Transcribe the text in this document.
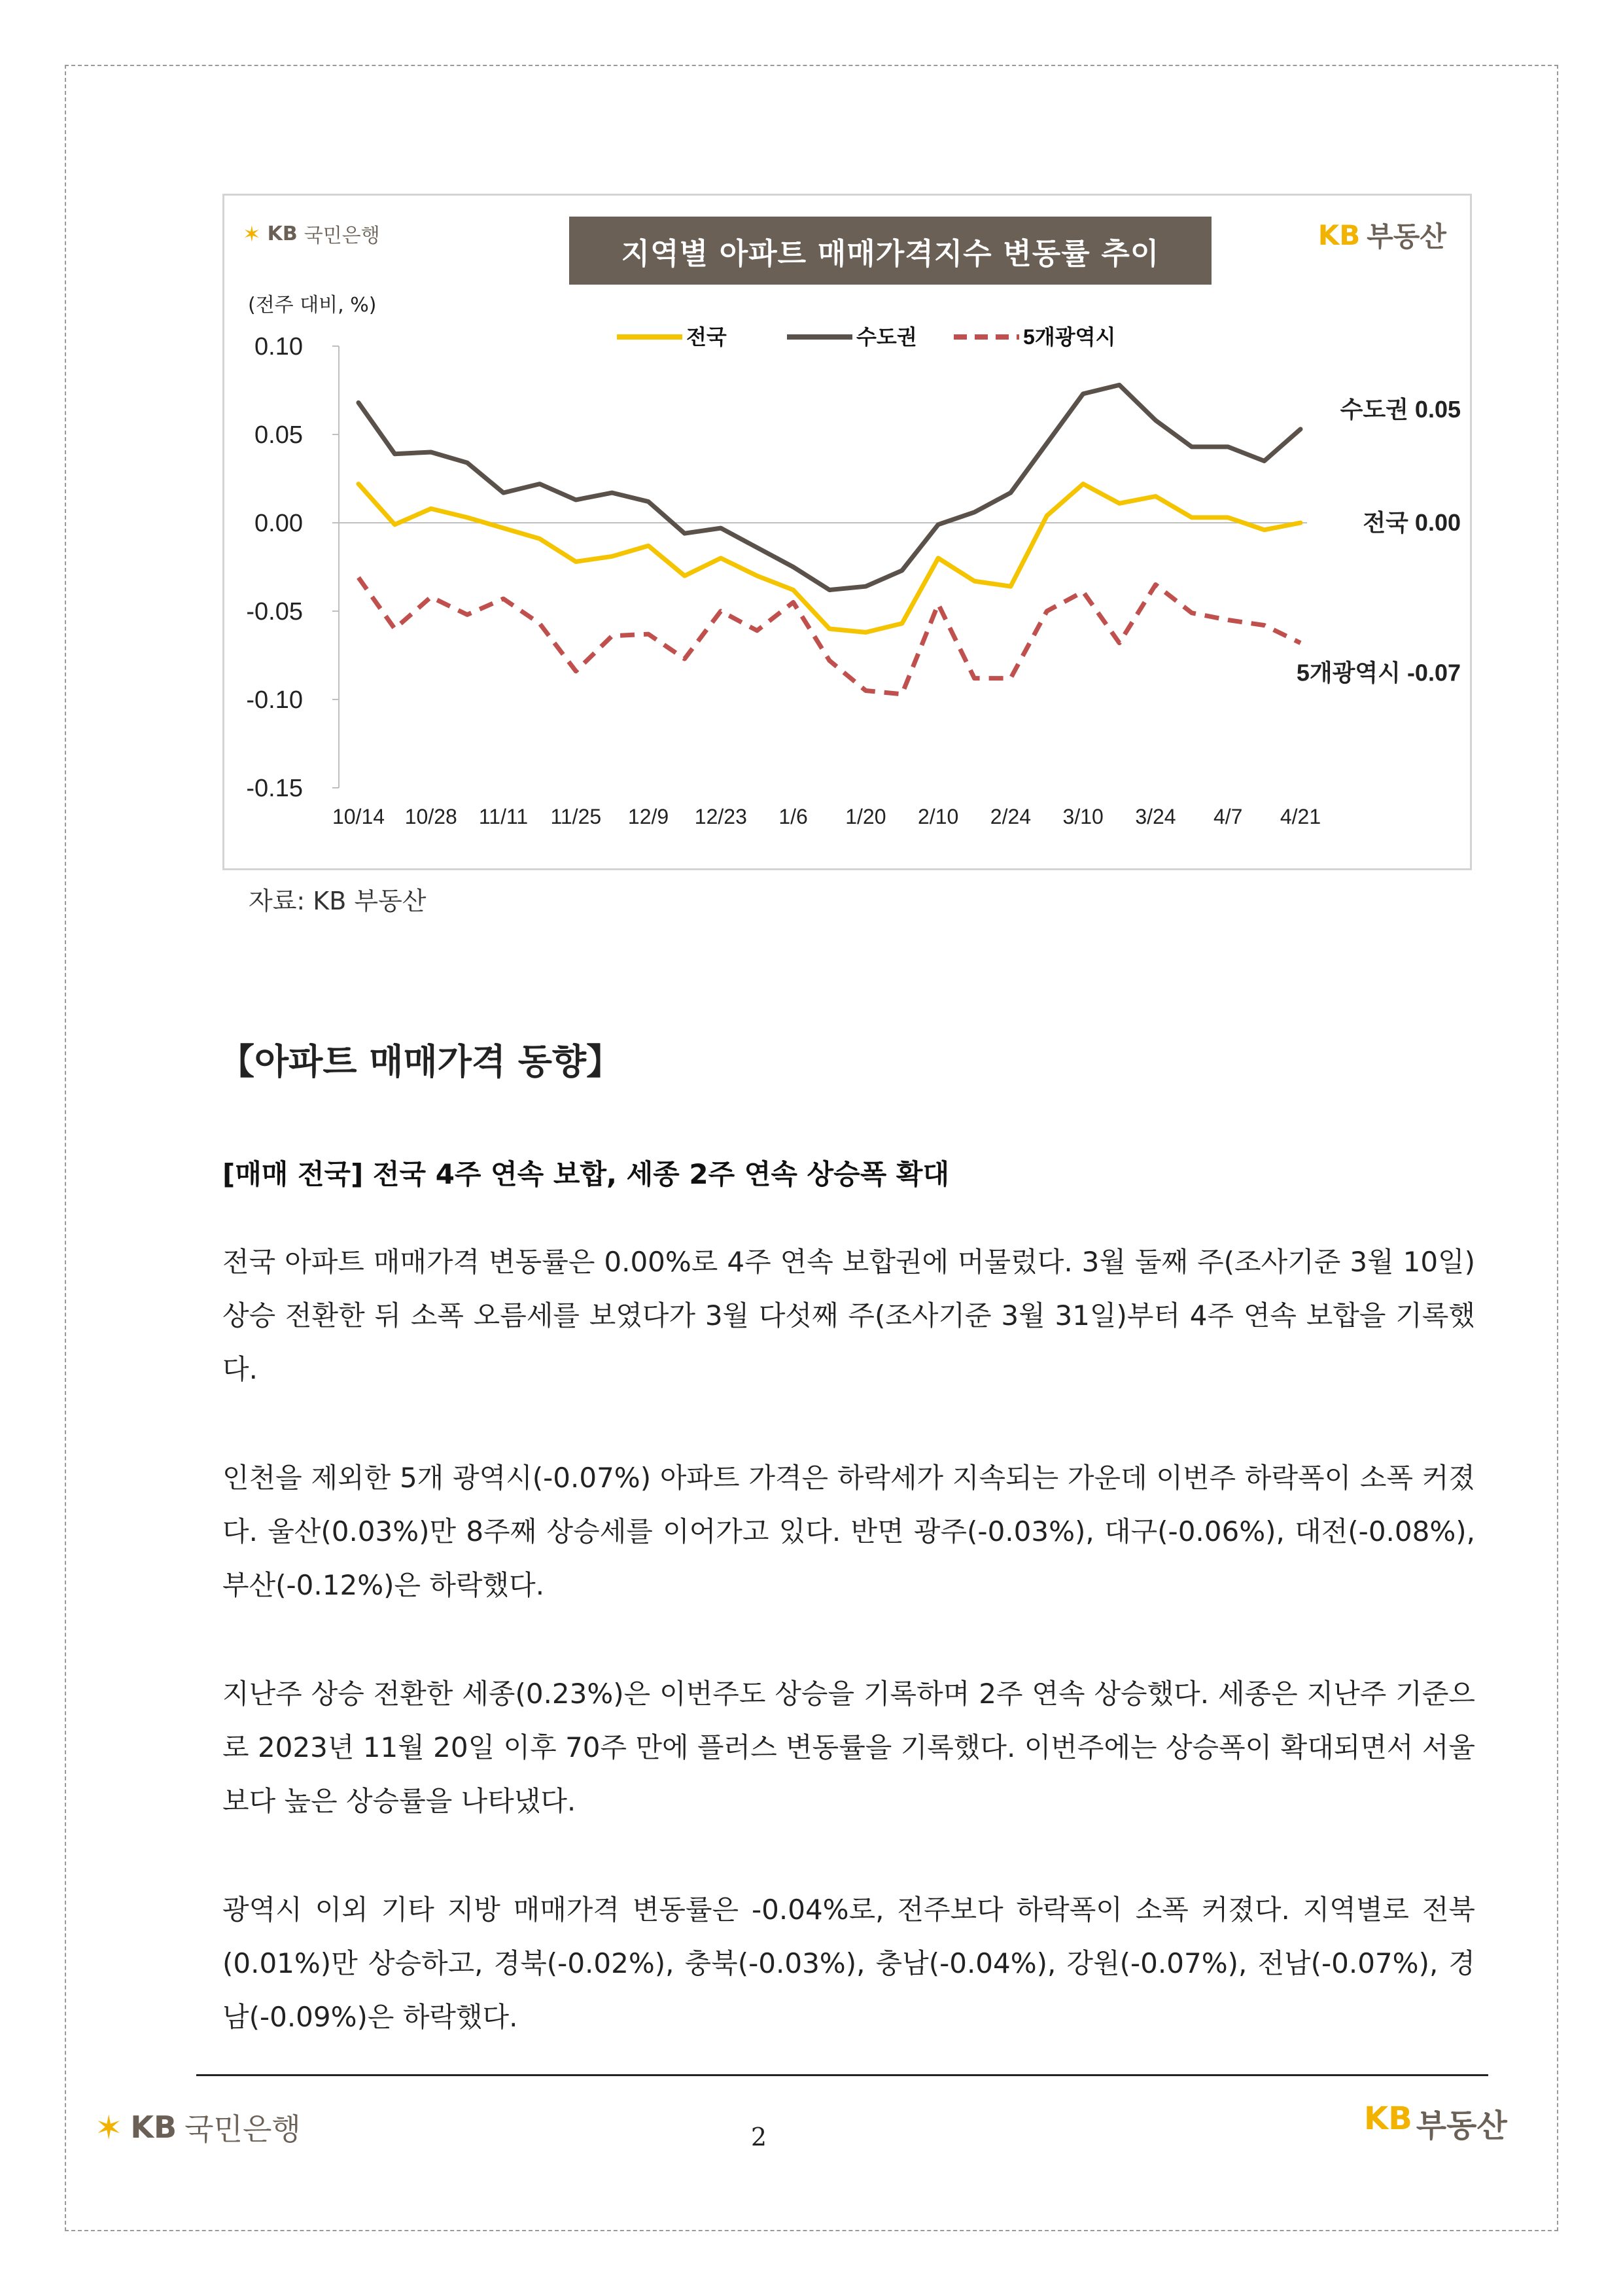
0.10
0.05
0.00
-0.05
-0.10
-0.15
10/14 10/28 11/11 11/25 12/9 12/23 1/6 1/20 2/10 2/24 3/10 3/24 4/7 4/21
전국	수도권	5개광역시
수도권 0.05
전국 0.00
5개광역시 -0.07
✶ KB 국민은행	지역별 아파트 매매가격지수 변동률 추이
KB 부동산
(전주 대비, %)
자료: KB 부동산
【아파트 매매가격 동향】
[매매 전국] 전국 4주 연속 보합, 세종 2주 연속 상승폭 확대

전국 아파트 매매가격 변동률은 0.00%로 4주 연속 보합권에 머물렀다. 3월 둘째 주(조사기준 3월 10일) 상승 전환한 뒤 소폭 오름세를 보였다가 3월 다섯째 주(조사기준 3월 31일)부터 4주 연속 보합을 기록했다.

인천을 제외한 5개 광역시(-0.07%) 아파트 가격은 하락세가 지속되는 가운데 이번주 하락폭이 소폭 커졌다. 울산(0.03%)만 8주째 상승세를 이어가고 있다. 반면 광주(-0.03%), 대구(-0.06%), 대전(-0.08%), 부산(-0.12%)은 하락했다.

지난주 상승 전환한 세종(0.23%)은 이번주도 상승을 기록하며 2주 연속 상승했다. 세종은 지난주 기준으로 2023년 11월 20일 이후 70주 만에 플러스 변동률을 기록했다. 이번주에는 상승폭이 확대되면서 서울보다 높은 상승률을 나타냈다.

광역시 이외 기타 지방 매매가격 변동률은 -0.04%로, 전주보다 하락폭이 소폭 커졌다. 지역별로 전북(0.01%)만 상승하고, 경북(-0.02%), 충북(-0.03%), 충남(-0.04%), 강원(-0.07%), 전남(-0.07%), 경남(-0.09%)은 하락했다.

✶ KB 국민은행	2	KB 부동산
